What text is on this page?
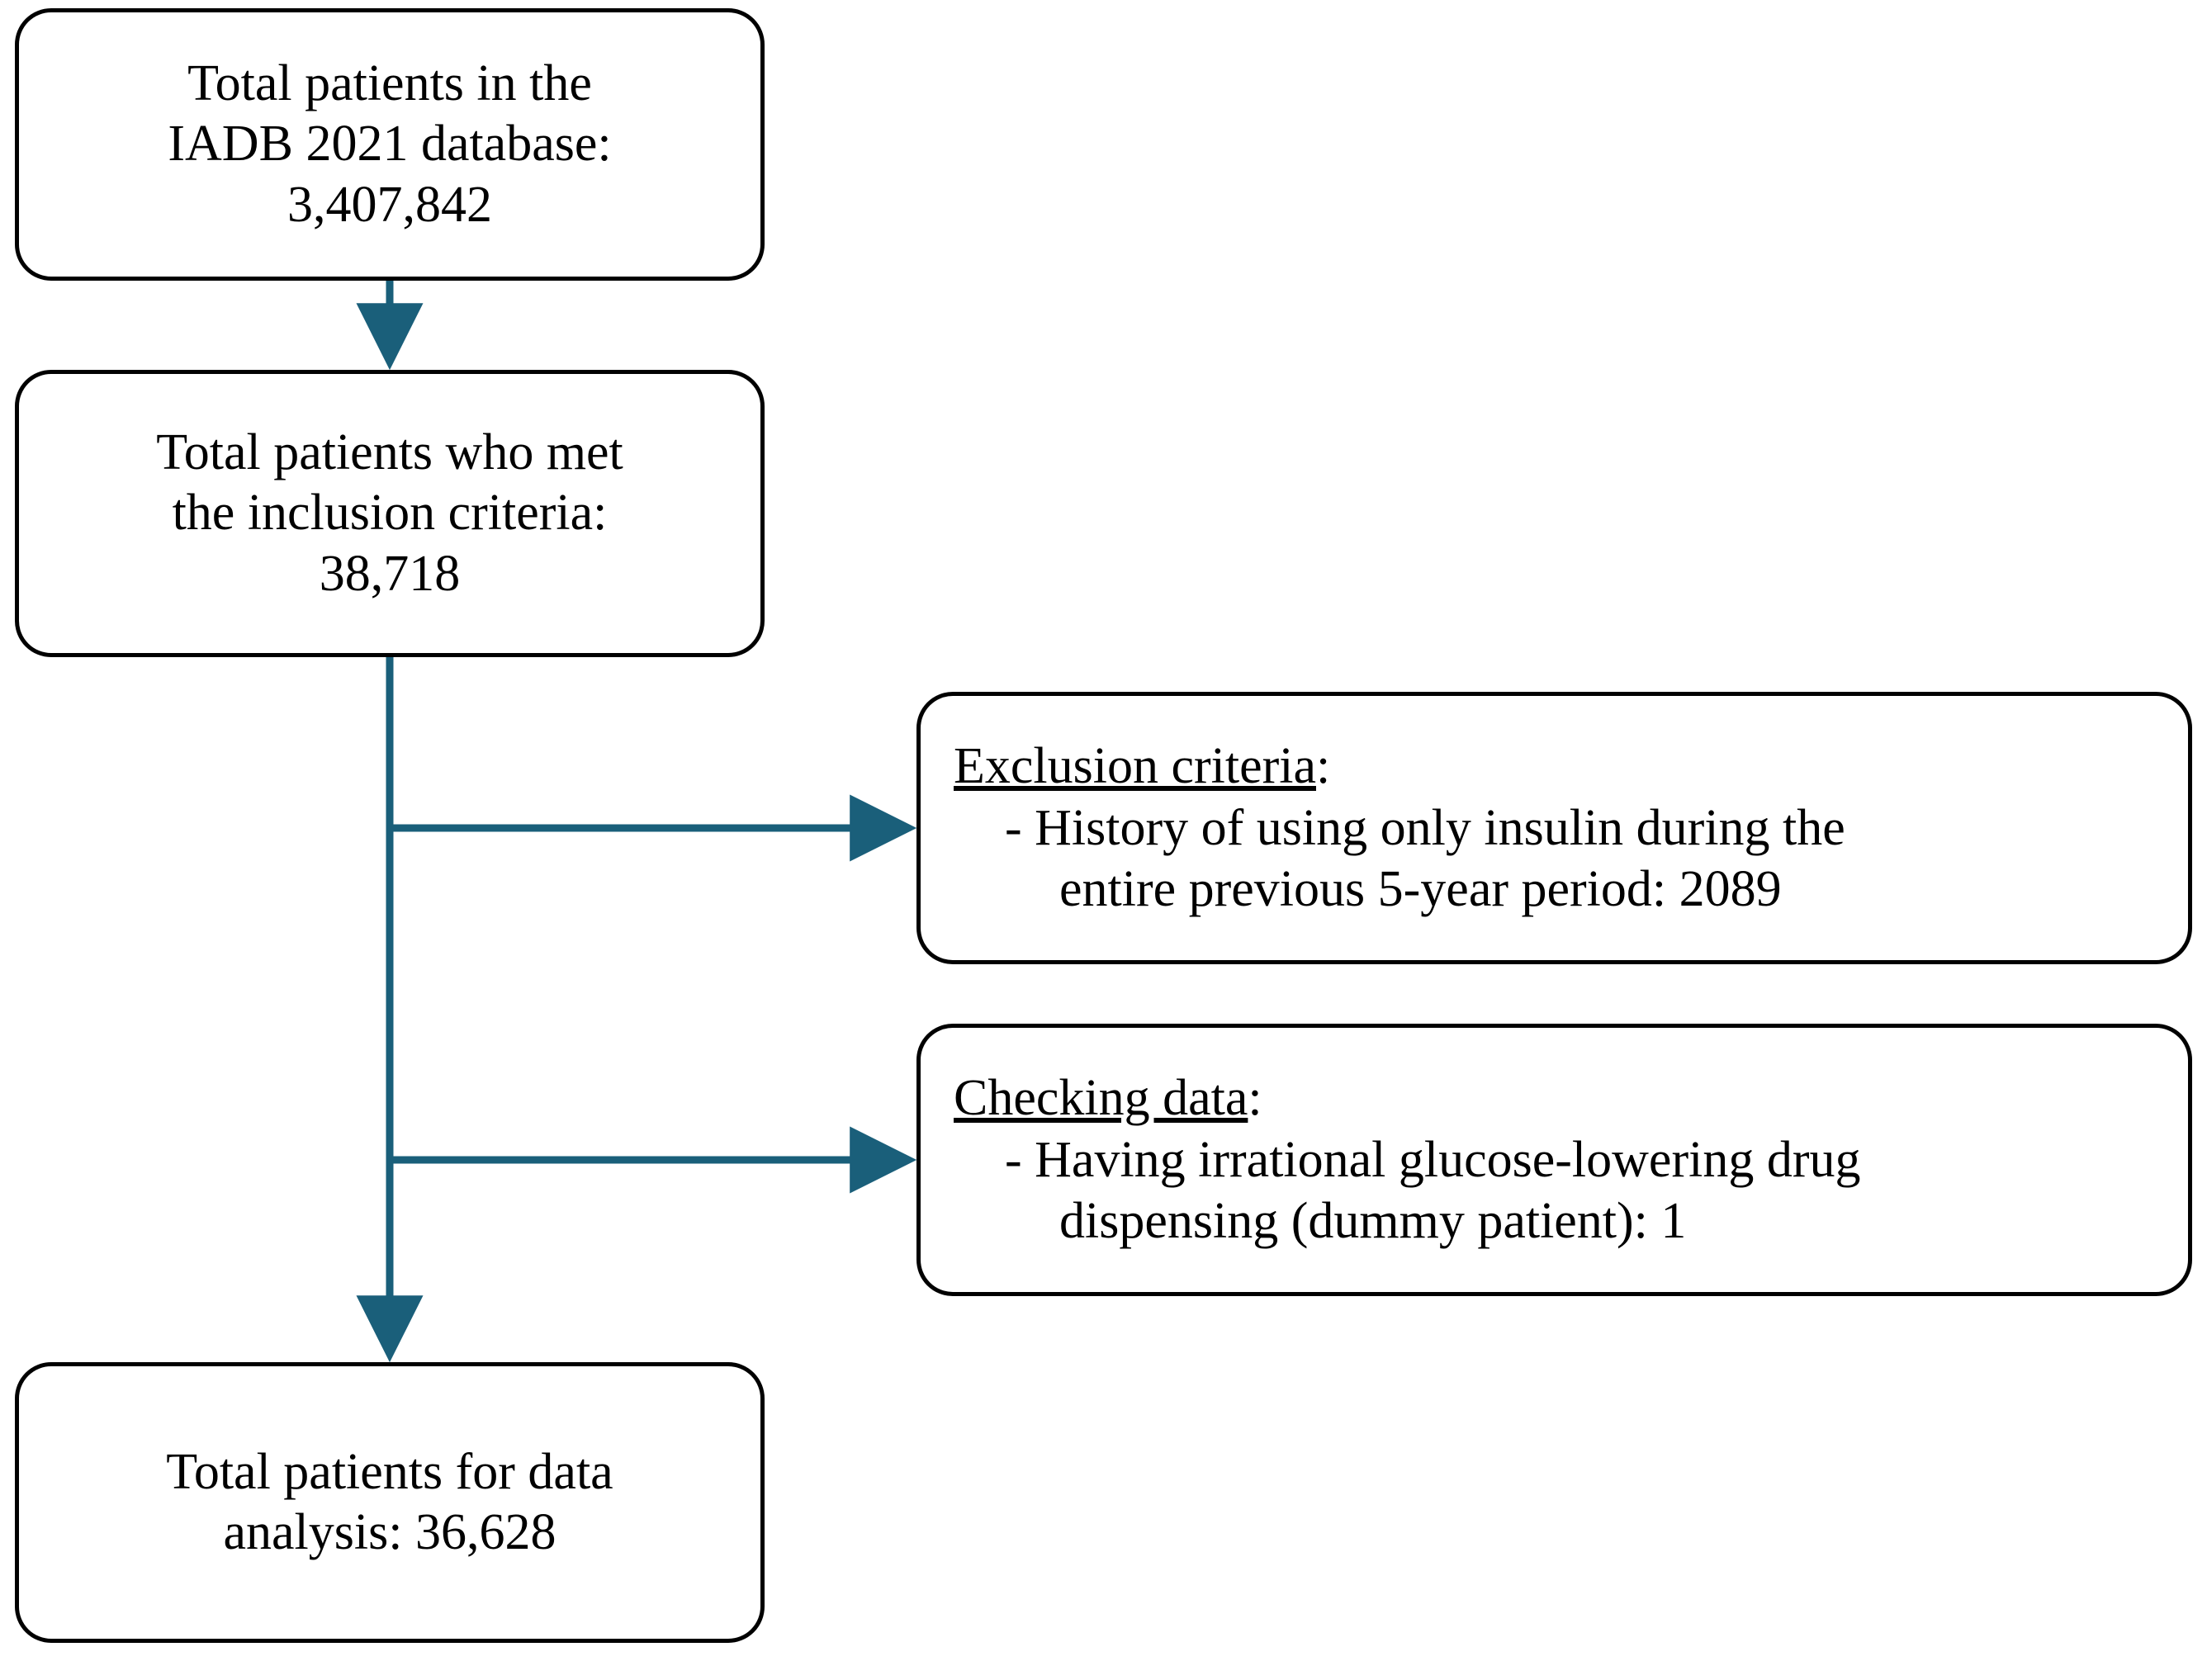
Total patients in the
IADB 2021 database:
3,407,842
Total patients who met
the inclusion criteria:
38,718
Exclusion criteria:
- History of using only insulin during the
entire previous 5-year period: 2089
Checking data:
- Having irrational glucose-lowering drug
dispensing (dummy patient): 1
Total patients for data
analysis: 36,628
